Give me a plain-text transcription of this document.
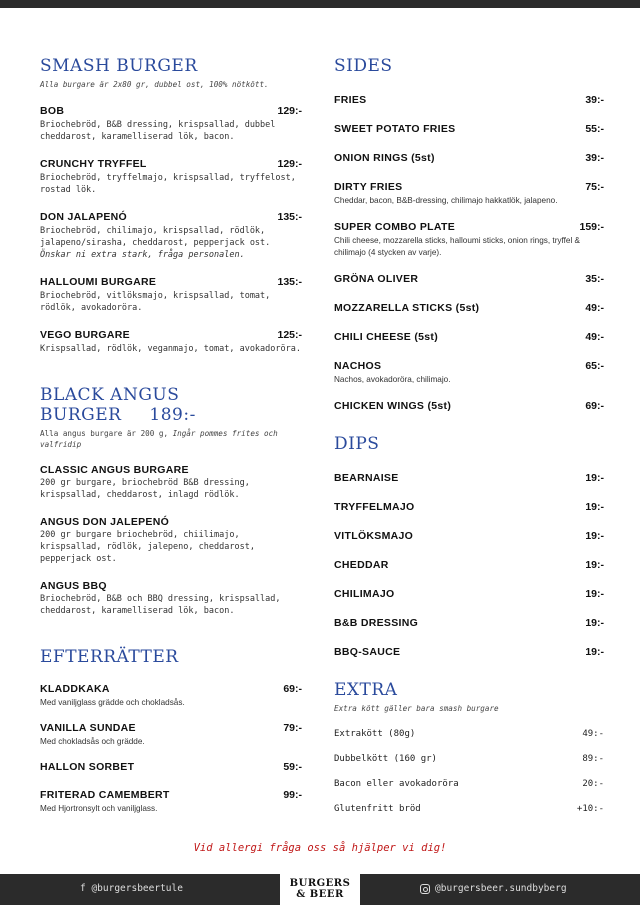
SMASH BURGER
Alla burgare är 2x80 gr, dubbel ost, 100% nötkött.
BOB	129:-
Briochebröd, B&B dressing, krispsallad, dubbel cheddarost, karamelliserad lök, bacon.
CRUNCHY TRYFFEL	129:-
Briochebröd, tryffelmajo, krispsallad, tryffelost, rostad lök.
DON JALAPENÓ	135:-
Briochebröd, chilimajo, krispsallad, rödlök, jalapeno/sirasha, cheddarost, pepperjack ost.
Önskar ni extra stark, fråga personalen.
HALLOUMI BURGARE	135:-
Briochebröd, vitlöksmajo, krispsallad, tomat, rödlök, avokadoröra.
VEGO BURGARE	125:-
Krispsallad, rödlök, veganmajo, tomat, avokadoröra.
BLACK ANGUS BURGER 189:-
Alla angus burgare är 200 g, Ingår pommes frites och valfridip
CLASSIC ANGUS BURGARE
200 gr burgare, briochebröd B&B dressing, krispsallad, cheddarost, inlagd rödlök.
ANGUS DON JALEPENÓ
200 gr burgare briochebröd, chiilimajo, krispsallad, rödlök, jalepeno, cheddarost, pepperjack ost.
ANGUS BBQ
Briochebröd, B&B och BBQ dressing, krispsallad, cheddarost, karamelliserad lök, bacon.
EFTERRÄTTER
KLADDKAKA	69:-
Med vaniljglass grädde och chokladsås.
VANILLA SUNDAE	79:-
Med chokladsås och grädde.
HALLON SORBET	59:-
FRITERAD CAMEMBERT	99:-
Med Hjortronsylt och vaniljglass.
SIDES
FRIES	39:-
SWEET POTATO FRIES	55:-
ONION RINGS (5st)	39:-
DIRTY FRIES	75:-
Cheddar, bacon, B&B-dressing, chilimajo hakkatlök, jalapeno.
SUPER COMBO PLATE	159:-
Chili cheese, mozzarella sticks, halloumi sticks, onion rings, tryffel & chilimajo (4 stycken av varje).
GRÖNA OLIVER	35:-
MOZZARELLA STICKS (5st)	49:-
CHILI CHEESE (5st)	49:-
NACHOS	65:-
Nachos, avokadoröra, chilimajo.
CHICKEN WINGS (5st)	69:-
DIPS
BEARNAISE	19:-
TRYFFELMAJO	19:-
VITLÖKSMAJO	19:-
CHEDDAR	19:-
CHILIMAJO	19:-
B&B DRESSING	19:-
BBQ-SAUCE	19:-
EXTRA
Extra kött gäller bara smash burgare
Extrakött (80g)	49:-
Dubbelkött (160 gr)	89:-
Bacon eller avokadoröra	20:-
Glutenfritt bröd	+10:-
Vid allergi fråga oss så hjälper vi dig!
f @burgersbeertule	@burgersbeer.sundbyberg
BURGERS
& BEER
